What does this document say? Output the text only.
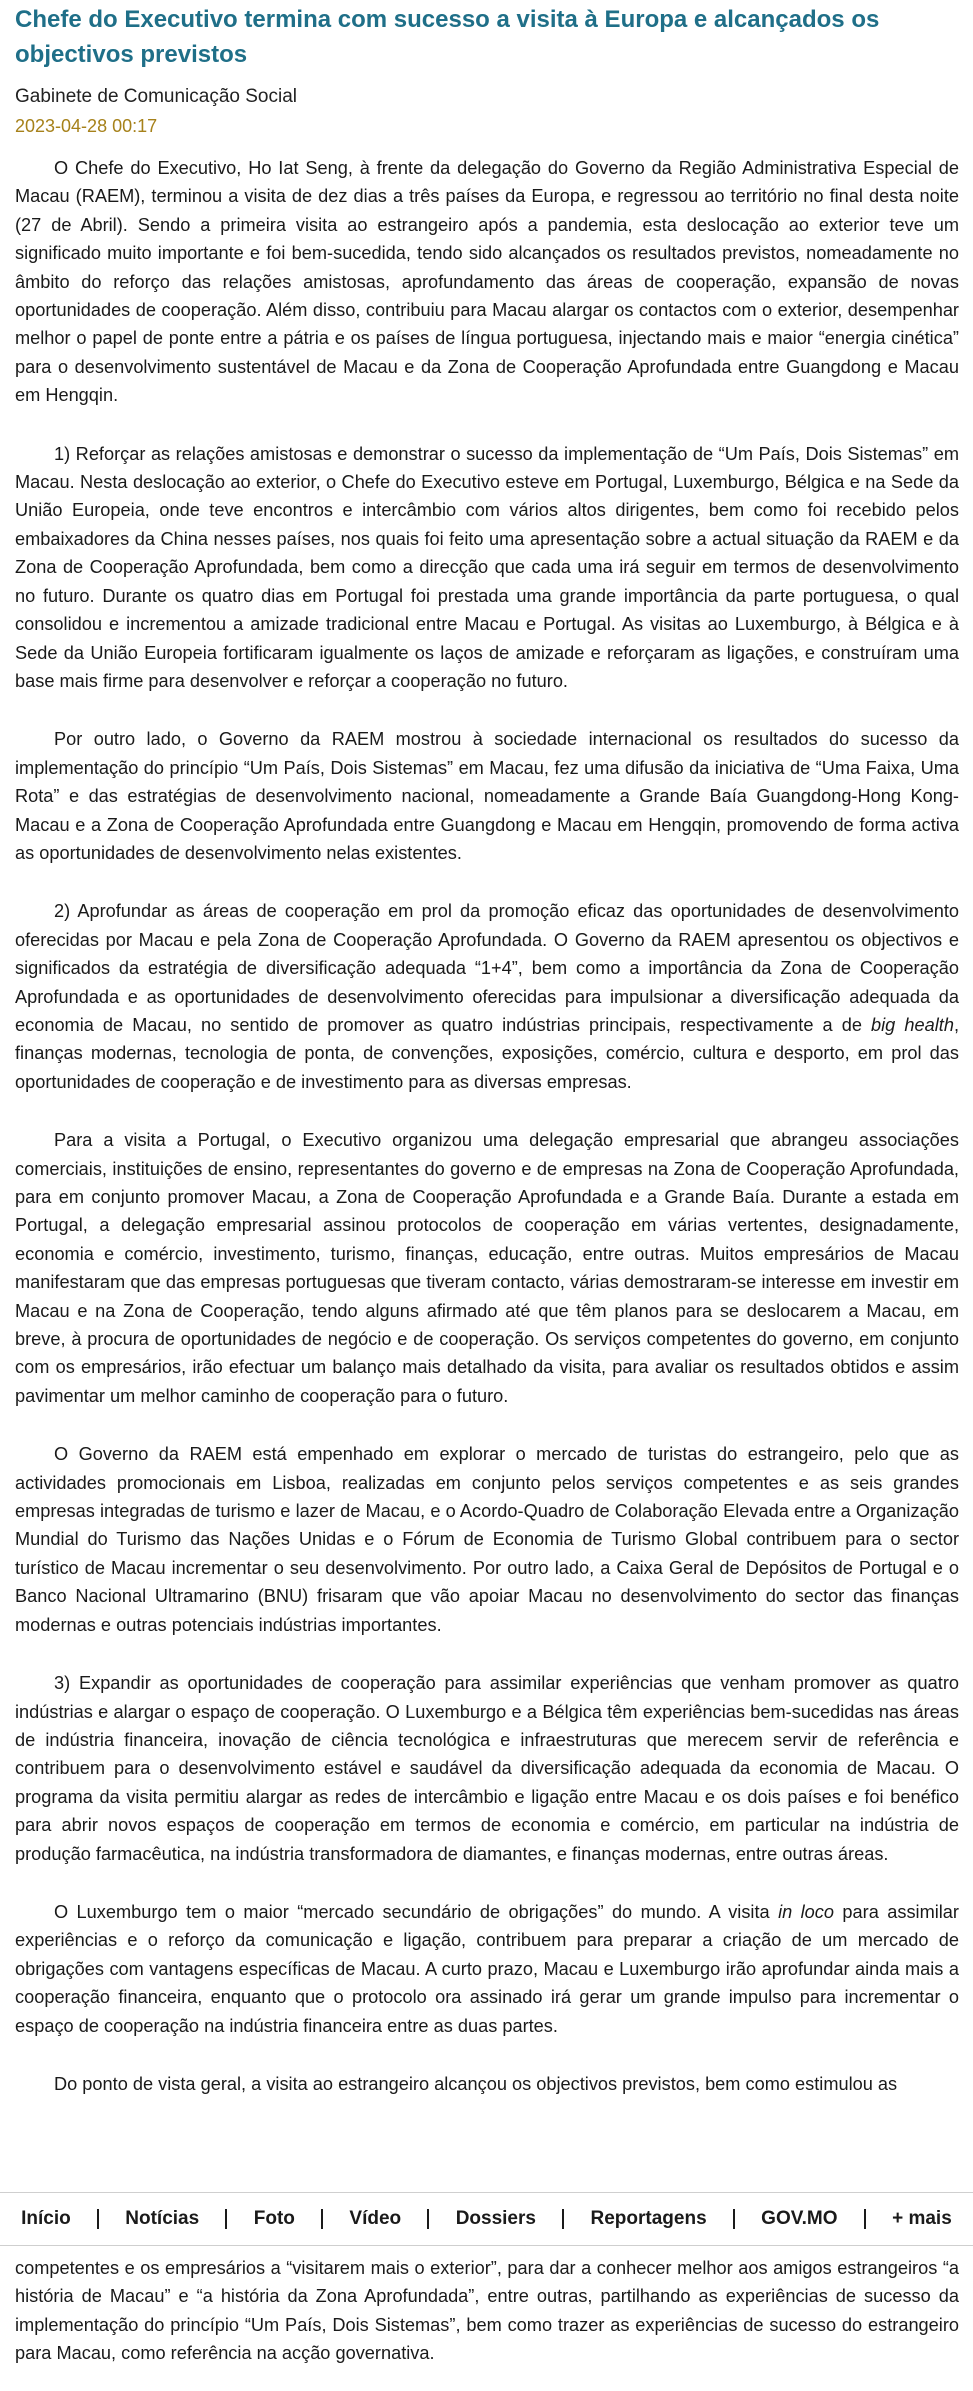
Chefe do Executivo termina com sucesso a visita à Europa e alcançados os objectivos previstos
Gabinete de Comunicação Social
2023-04-28 00:17

O Chefe do Executivo, Ho Iat Seng, à frente da delegação do Governo da Região Administrativa Especial de Macau (RAEM), terminou a visita de dez dias a três países da Europa, e regressou ao território no final desta noite (27 de Abril). Sendo a primeira visita ao estrangeiro após a pandemia, esta deslocação ao exterior teve um significado muito importante e foi bem-sucedida, tendo sido alcançados os resultados previstos, nomeadamente no âmbito do reforço das relações amistosas, aprofundamento das áreas de cooperação, expansão de novas oportunidades de cooperação. Além disso, contribuiu para Macau alargar os contactos com o exterior, desempenhar melhor o papel de ponte entre a pátria e os países de língua portuguesa, injectando mais e maior “energia cinética” para o desenvolvimento sustentável de Macau e da Zona de Cooperação Aprofundada entre Guangdong e Macau em Hengqin.

1) Reforçar as relações amistosas e demonstrar o sucesso da implementação de “Um País, Dois Sistemas” em Macau. Nesta deslocação ao exterior, o Chefe do Executivo esteve em Portugal, Luxemburgo, Bélgica e na Sede da União Europeia, onde teve encontros e intercâmbio com vários altos dirigentes, bem como foi recebido pelos embaixadores da China nesses países, nos quais foi feito uma apresentação sobre a actual situação da RAEM e da Zona de Cooperação Aprofundada, bem como a direcção que cada uma irá seguir em termos de desenvolvimento no futuro. Durante os quatro dias em Portugal foi prestada uma grande importância da parte portuguesa, o qual consolidou e incrementou a amizade tradicional entre Macau e Portugal. As visitas ao Luxemburgo, à Bélgica e à Sede da União Europeia fortificaram igualmente os laços de amizade e reforçaram as ligações, e construíram uma base mais firme para desenvolver e reforçar a cooperação no futuro.

Por outro lado, o Governo da RAEM mostrou à sociedade internacional os resultados do sucesso da implementação do princípio “Um País, Dois Sistemas” em Macau, fez uma difusão da iniciativa de “Uma Faixa, Uma Rota” e das estratégias de desenvolvimento nacional, nomeadamente a Grande Baía Guangdong-Hong Kong-Macau e a Zona de Cooperação Aprofundada entre Guangdong e Macau em Hengqin, promovendo de forma activa as oportunidades de desenvolvimento nelas existentes.

2) Aprofundar as áreas de cooperação em prol da promoção eficaz das oportunidades de desenvolvimento oferecidas por Macau e pela Zona de Cooperação Aprofundada. O Governo da RAEM apresentou os objectivos e significados da estratégia de diversificação adequada “1+4”, bem como a importância da Zona de Cooperação Aprofundada e as oportunidades de desenvolvimento oferecidas para impulsionar a diversificação adequada da economia de Macau, no sentido de promover as quatro indústrias principais, respectivamente a de big health, finanças modernas, tecnologia de ponta, de convenções, exposições, comércio, cultura e desporto, em prol das oportunidades de cooperação e de investimento para as diversas empresas.

Para a visita a Portugal, o Executivo organizou uma delegação empresarial que abrangeu associações comerciais, instituições de ensino, representantes do governo e de empresas na Zona de Cooperação Aprofundada, para em conjunto promover Macau, a Zona de Cooperação Aprofundada e a Grande Baía. Durante a estada em Portugal, a delegação empresarial assinou protocolos de cooperação em várias vertentes, designadamente, economia e comércio, investimento, turismo, finanças, educação, entre outras. Muitos empresários de Macau manifestaram que das empresas portuguesas que tiveram contacto, várias demostraram-se interesse em investir em Macau e na Zona de Cooperação, tendo alguns afirmado até que têm planos para se deslocarem a Macau, em breve, à procura de oportunidades de negócio e de cooperação. Os serviços competentes do governo, em conjunto com os empresários, irão efectuar um balanço mais detalhado da visita, para avaliar os resultados obtidos e assim pavimentar um melhor caminho de cooperação para o futuro.

O Governo da RAEM está empenhado em explorar o mercado de turistas do estrangeiro, pelo que as actividades promocionais em Lisboa, realizadas em conjunto pelos serviços competentes e as seis grandes empresas integradas de turismo e lazer de Macau, e o Acordo-Quadro de Colaboração Elevada entre a Organização Mundial do Turismo das Nações Unidas e o Fórum de Economia de Turismo Global contribuem para o sector turístico de Macau incrementar o seu desenvolvimento. Por outro lado, a Caixa Geral de Depósitos de Portugal e o Banco Nacional Ultramarino (BNU) frisaram que vão apoiar Macau no desenvolvimento do sector das finanças modernas e outras potenciais indústrias importantes.

3) Expandir as oportunidades de cooperação para assimilar experiências que venham promover as quatro indústrias e alargar o espaço de cooperação. O Luxemburgo e a Bélgica têm experiências bem-sucedidas nas áreas de indústria financeira, inovação de ciência tecnológica e infraestruturas que merecem servir de referência e contribuem para o desenvolvimento estável e saudável da diversificação adequada da economia de Macau. O programa da visita permitiu alargar as redes de intercâmbio e ligação entre Macau e os dois países e foi benéfico para abrir novos espaços de cooperação em termos de economia e comércio, em particular na indústria de produção farmacêutica, na indústria transformadora de diamantes, e finanças modernas, entre outras áreas.

O Luxemburgo tem o maior “mercado secundário de obrigações” do mundo. A visita in loco para assimilar experiências e o reforço da comunicação e ligação, contribuem para preparar a criação de um mercado de obrigações com vantagens específicas de Macau. A curto prazo, Macau e Luxemburgo irão aprofundar ainda mais a cooperação financeira, enquanto que o protocolo ora assinado irá gerar um grande impulso para incrementar o espaço de cooperação na indústria financeira entre as duas partes.

Do ponto de vista geral, a visita ao estrangeiro alcançou os objectivos previstos, bem como estimulou as

Início	Notícias	Foto	Vídeo	Dossiers	Reportagens	GOV.MO	+ mais

competentes e os empresários a “visitarem mais o exterior”, para dar a conhecer melhor aos amigos estrangeiros “a história de Macau” e “a história da Zona Aprofundada”, entre outras, partilhando as experiências de sucesso da implementação do princípio “Um País, Dois Sistemas”, bem como trazer as experiências de sucesso do estrangeiro para Macau, como referência na acção governativa.
